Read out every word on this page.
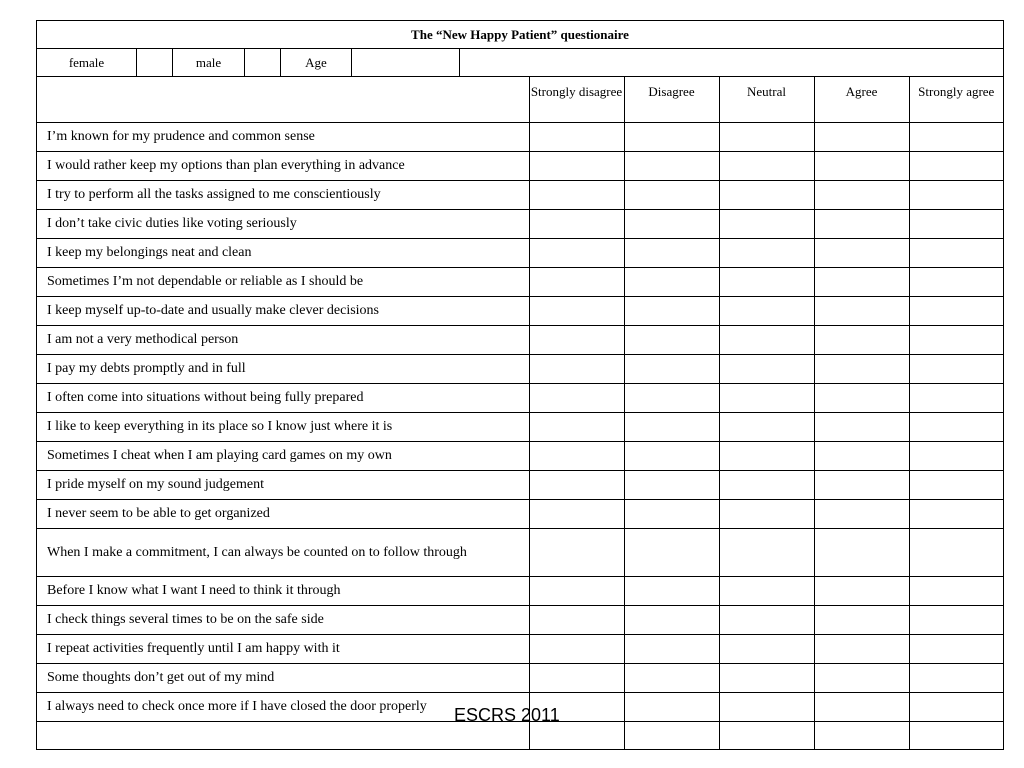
The “New Happy Patient” questionaire
female	male	Age
	Strongly disagree	Disagree	Neutral	Agree	Strongly agree
I’m known for my prudence and common sense					
I would rather keep my options than plan everything in advance					
I try to perform all the tasks assigned to me conscientiously					
I don’t take civic duties like voting seriously					
I keep my belongings neat and clean					
Sometimes I’m not dependable or reliable as I should be					
I keep myself up-to-date and usually make clever decisions					
I am not a very methodical person					
I pay my debts promptly and in full					
I often come into situations without being fully prepared					
I like to keep everything in its place so I know just where it is					
Sometimes I cheat when I am playing card games on my own					
I pride myself on my sound judgement					
I never seem to be able to get organized					
When I make a commitment, I can always be counted on to follow through					
Before I know what I want I need to think it through					
I check things several times to be on the safe side					
I repeat activities frequently until I am happy with it					
Some thoughts don’t get out of my mind					
I always need to check once more if I have closed the door properly					
					ESCRS 2011
